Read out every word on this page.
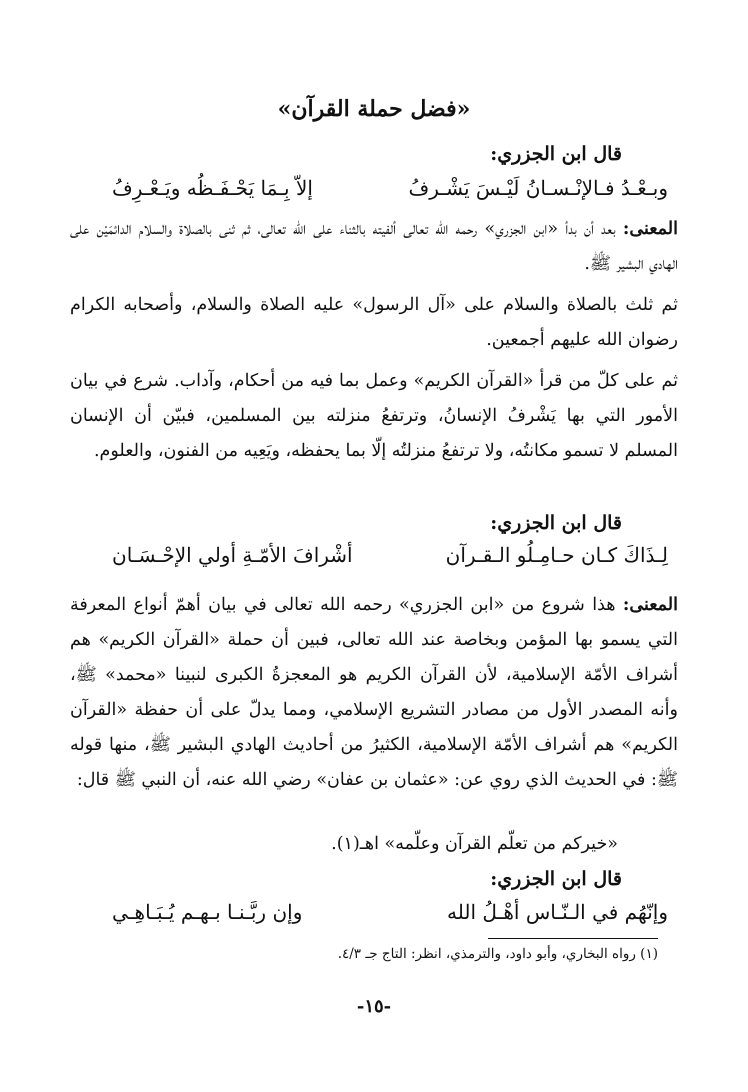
«فضل حملة القرآن»
قال ابن الجزري:
وبـعْـدُ فـالإنْـسـانُ لَيْـسَ يَشْـرفُ
إلاّ بِـمَا يَحْـفَـظُه ويَـعْـرِفُ
المعنى: بعد أن بدأ «ابن الجزري» رحمه الله تعالى ألفيته بالثناء على الله تعالى، ثم ثنى بالصلاة والسلام الدائمَيْن على الهادي البشير ﷺ.
ثم ثلث بالصلاة والسلام على «آل الرسول» عليه الصلاة والسلام، وأصحابه الكرام رضوان الله عليهم أجمعين.
ثم على كلّ من قرأ «القرآن الكريم» وعمل بما فيه من أحكام، وآداب. شرع في بيان الأمور التي بها يَشْرفُ الإنسانُ، وترتفعُ منزلته بين المسلمين، فبيّن أن الإنسان المسلم لا تسمو مكانتُه، ولا ترتفعُ منزلتُه إلّا بما يحفظه، ويَعِيه من الفنون، والعلوم.
قال ابن الجزري:
لِـذَاكَ كـان حـامِـلُو الـقـرآن
أشْرافَ الأمّـةِ أولي الإحْـسَـان
المعنى: هذا شروع من «ابن الجزري» رحمه الله تعالى في بيان أهمّ أنواع المعرفة التي يسمو بها المؤمن وبخاصة عند الله تعالى، فبين أن حملة «القرآن الكريم» هم أشراف الأمّة الإسلامية، لأن القرآن الكريم هو المعجزةُ الكبرى لنبينا «محمد» ﷺ، وأنه المصدر الأول من مصادر التشريع الإسلامي، ومما يدلّ على أن حفظة «القرآن الكريم» هم أشراف الأمّة الإسلامية، الكثيرُ من أحاديث الهادي البشير ﷺ، منها قوله ﷺ: في الحديث الذي روي عن: «عثمان بن عفان» رضي الله عنه، أن النبي ﷺ قال:
«خيركم من تعلّم القرآن وعلّمه» اهـ(١).
قال ابن الجزري:
وإنّهُم في الـنّـاس أهْـلُ الله
وإن ربَّـنـا بـهـم يُـبَـاهِـي
(١) رواه البخاري، وأبو داود، والترمذي، انظر: التاج جـ ٤/٣.
-١٥-
